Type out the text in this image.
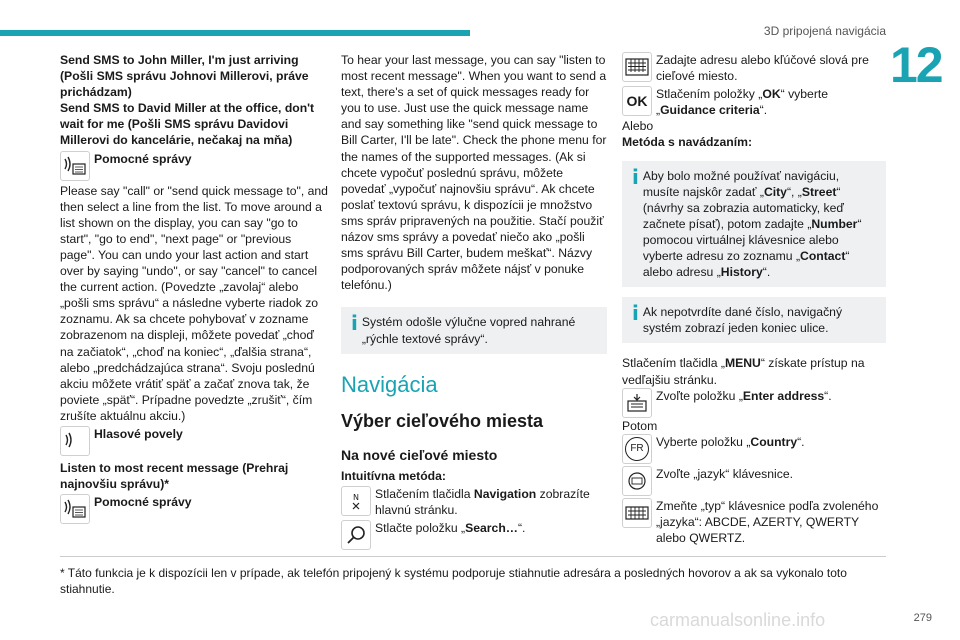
3D pripojená navigácia
12

Send SMS to John Miller, I'm just arriving (Pošli SMS správu Johnovi Millerovi, práve prichádzam)

Send SMS to David Miller at the office, don't wait for me (Pošli SMS správu Davidovi Millerovi do kancelárie, nečakaj na mňa)

Pomocné správy

Please say "call" or "send quick message to", and then select a line from the list. To move around a list shown on the display, you can say "go to start", "go to end", "next page" or "previous page". You can undo your last action and start over by saying "undo", or say "cancel" to cancel the current action. (Povedzte „zavolaj“ alebo „pošli sms správu“ a následne vyberte riadok zo zoznamu. Ak sa chcete pohybovať v zozname zobrazenom na displeji, môžete povedať „choď na začiatok“, „choď na koniec“, „ďalšia strana“, alebo „predchádzajúca strana“. Svoju poslednú akciu môžete vrátiť späť a začať znova tak, že poviete „späť“. Prípadne povedzte „zrušiť“, čím zrušíte aktuálnu akciu.)

Hlasové povely

Listen to most recent message (Prehraj najnovšiu správu)*

Pomocné správy

To hear your last message, you can say "listen to most recent message". When you want to send a text, there's a set of quick messages ready for you to use. Just use the quick message name and say something like "send quick message to Bill Carter, I'll be late". Check the phone menu for the names of the supported messages. (Ak si chcete vypočuť poslednú správu, môžete povedať „vypočuť najnovšiu správu“. Ak chcete poslať textovú správu, k dispozícii je množstvo sms správ pripravených na použitie. Stačí použiť názov sms správy a povedať niečo ako „pošli sms správu Bill Carter, budem meškať“. Názvy podporovaných správ môžete nájsť v ponuke telefónu.)

i Systém odošle výlučne vopred nahrané „rýchle textové správy“.

Navigácia
Výber cieľového miesta
Na nové cieľové miesto

Intuitívna metóda:

N Stlačením tlačidla Navigation zobrazíte hlavnú stránku.

Stlačte položku „Search…“.

Zadajte adresu alebo kľúčové slová pre cieľové miesto.

OK Stlačením položky „OK“ vyberte „Guidance criteria“.

Alebo

Metóda s navádzaním:

i Aby bolo možné používať navigáciu, musíte najskôr zadať „City“, „Street“ (návrhy sa zobrazia automaticky, keď začnete písať), potom zadajte „Number“ pomocou virtuálnej klávesnice alebo vyberte adresu zo zoznamu „Contact“ alebo adresu „History“.

i Ak nepotvrdíte dané číslo, navigačný systém zobrazí jeden koniec ulice.

Stlačením tlačidla „MENU“ získate prístup na vedľajšiu stránku.

Zvoľte položku „Enter address“.

Potom

FR	Vyberte položku „Country“.

Zvoľte „jazyk“ klávesnice.

Zmeňte „typ“ klávesnice podľa zvoleného „jazyka“: ABCDE, AZERTY, QWERTY alebo QWERTZ.

* Táto funkcia je k dispozícii len v prípade, ak telefón pripojený k systému podporuje stiahnutie adresára a posledných hovorov a ak sa vykonalo toto stiahnutie.
carmanualsonline.info	279
